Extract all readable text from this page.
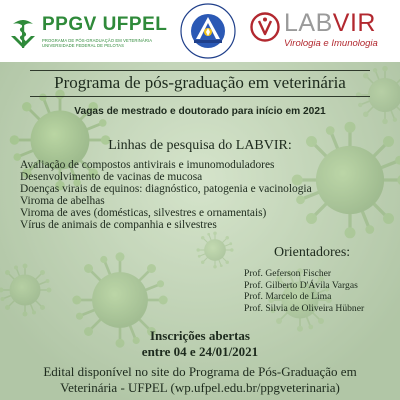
PPGV UFPEL
PROGRAMA DE PÓS-GRADUAÇÃO EM VETERINÁRIA
UNIVERSIDADE FEDERAL DE PELOTAS
LABVIR
Virologia e Imunologia
Programa de pós-graduação em veterinária
Vagas de mestrado e doutorado para início em 2021
Linhas de pesquisa do LABVIR:
Avaliação de compostos antivirais e imunomoduladores
Desenvolvimento de vacinas de mucosa
Doenças virais de equinos: diagnóstico, patogenia e vacinologia
Viroma de abelhas
Viroma de aves (domésticas, silvestres e ornamentais)
Vírus de animais de companhia e silvestres
Orientadores:
Prof. Geferson Fischer
Prof. Gilberto D'Ávila Vargas
Prof. Marcelo de Lima
Prof. Silvia de Oliveira Hübner
Inscrições abertas
entre 04 e 24/01/2021
Edital disponível no site do Programa de Pós-Graduação em
Veterinária - UFPEL (wp.ufpel.edu.br/ppgveterinaria)
